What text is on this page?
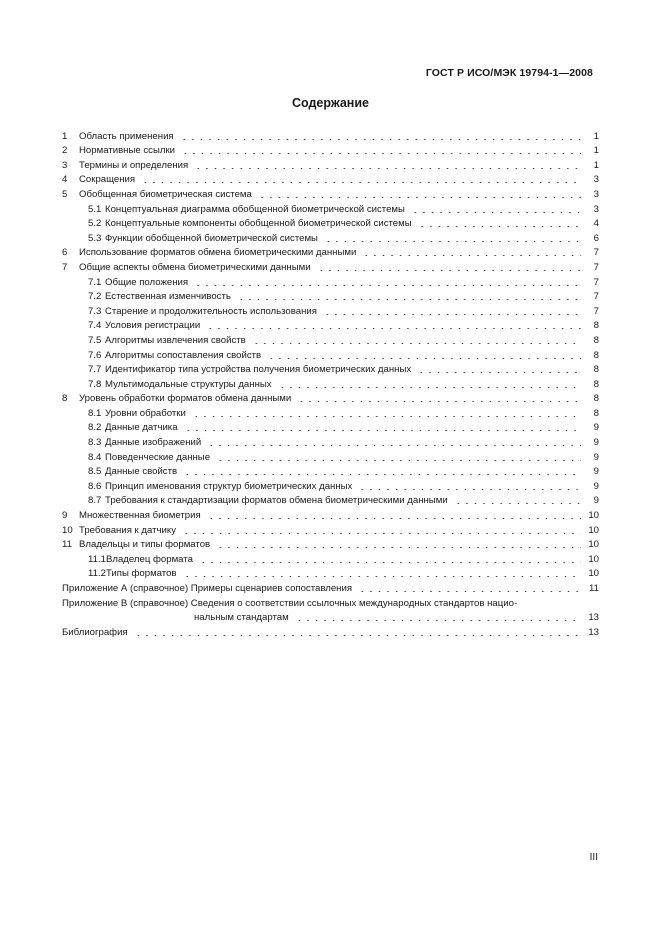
ГОСТ Р ИСО/МЭК 19794-1—2008
Содержание
1	Область применения	1
2	Нормативные ссылки	1
3	Термины и определения	1
4	Сокращения	3
5	Обобщенная биометрическая система	3
5.1 Концептуальная диаграмма обобщенной биометрической системы	3
5.2 Концептуальные компоненты обобщенной биометрической системы	4
5.3 Функции обобщенной биометрической системы	6
6	Использование форматов обмена биометрическими данными	7
7	Общие аспекты обмена биометрическими данными	7
7.1 Общие положения	7
7.2 Естественная изменчивость	7
7.3 Старение и продолжительность использования	7
7.4 Условия регистрации	8
7.5 Алгоритмы извлечения свойств	8
7.6 Алгоритмы сопоставления свойств	8
7.7 Идентификатор типа устройства получения биометрических данных	8
7.8 Мультимодальные структуры данных	8
8	Уровень обработки форматов обмена данными	8
8.1 Уровни обработки	8
8.2 Данные датчика	9
8.3 Данные изображений	9
8.4 Поведенческие данные	9
8.5 Данные свойств	9
8.6 Принцип именования структур биометрических данных	9
8.7 Требования к стандартизации форматов обмена биометрическими данными	9
9	Множественная биометрия	10
10 Требования к датчику	10
11 Владельцы и типы форматов	10
11.1 Владелец формата	10
11.2 Типы форматов	10
Приложение А (справочное) Примеры сценариев сопоставления	11
Приложение В (справочное) Сведения о соответствии ссылочных международных стандартов нацио-
нальным стандартам	13
Библиография	13
III
